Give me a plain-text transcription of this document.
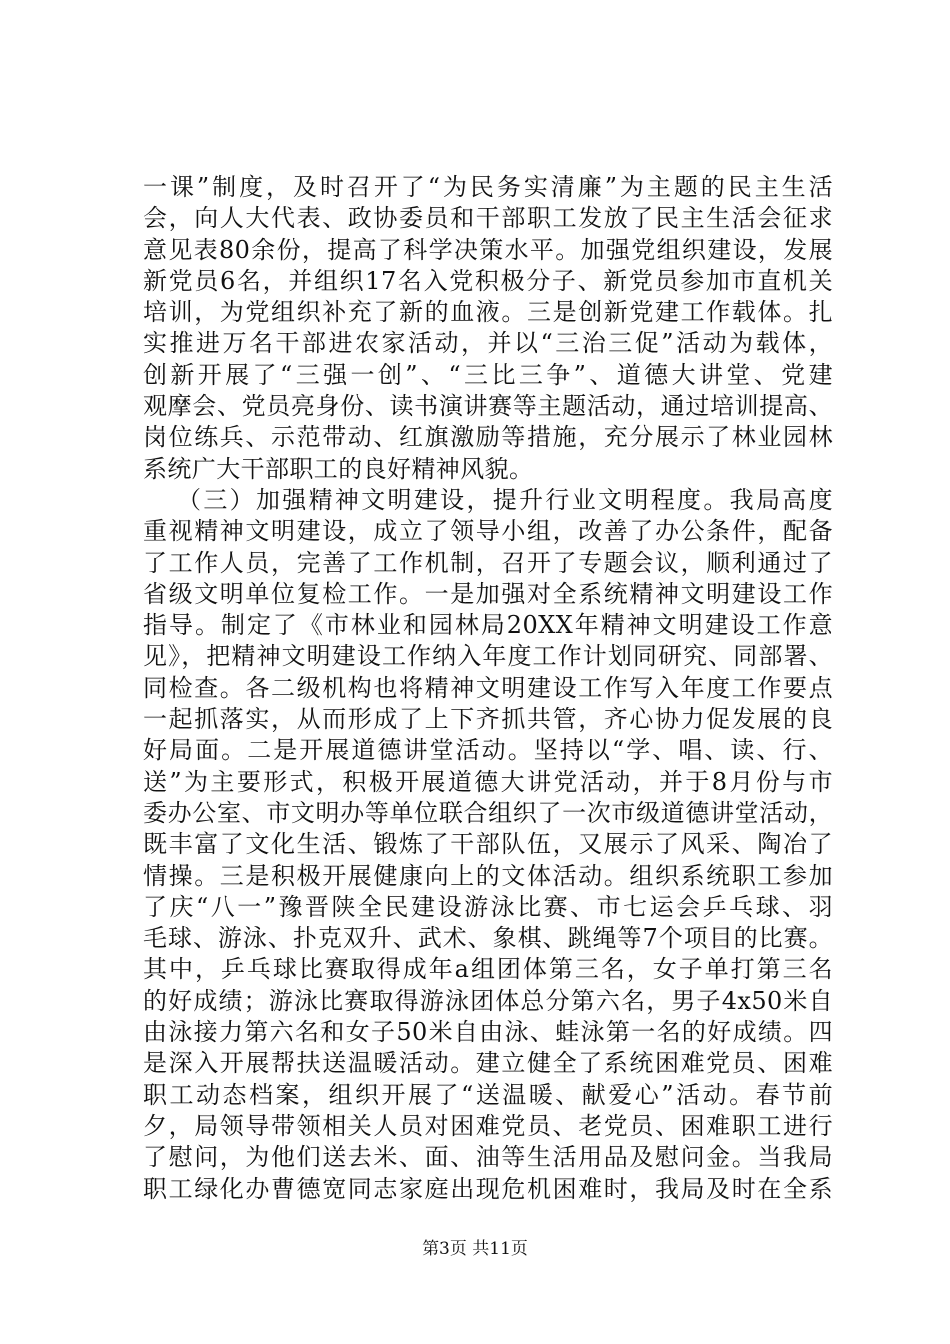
一课”制度，及时召开了“为民务实清廉”为主题的民主生活
会，向人大代表、政协委员和干部职工发放了民主生活会征求
意见表80余份，提高了科学决策水平。加强党组织建设，发展
新党员6名，并组织17名入党积极分子、新党员参加市直机关
培训，为党组织补充了新的血液。三是创新党建工作载体。扎
实推进万名干部进农家活动，并以“三治三促”活动为载体，
创新开展了“三强一创”、“三比三争”、道德大讲堂、党建
观摩会、党员亮身份、读书演讲赛等主题活动，通过培训提高、
岗位练兵、示范带动、红旗激励等措施，充分展示了林业园林
系统广大干部职工的良好精神风貌。
（三）加强精神文明建设，提升行业文明程度。我局高度
重视精神文明建设，成立了领导小组，改善了办公条件，配备
了工作人员，完善了工作机制，召开了专题会议，顺利通过了
省级文明单位复检工作。一是加强对全系统精神文明建设工作
指导。制定了《市林业和园林局20XX年精神文明建设工作意
见》，把精神文明建设工作纳入年度工作计划同研究、同部署、
同检查。各二级机构也将精神文明建设工作写入年度工作要点
一起抓落实，从而形成了上下齐抓共管，齐心协力促发展的良
好局面。二是开展道德讲堂活动。坚持以“学、唱、读、行、
送”为主要形式，积极开展道德大讲党活动，并于8月份与市
委办公室、市文明办等单位联合组织了一次市级道德讲堂活动，
既丰富了文化生活、锻炼了干部队伍，又展示了风采、陶冶了
情操。三是积极开展健康向上的文体活动。组织系统职工参加
了庆“八一”豫晋陕全民建设游泳比赛、市七运会乒乓球、羽
毛球、游泳、扑克双升、武术、象棋、跳绳等7个项目的比赛。
其中，乒乓球比赛取得成年a组团体第三名，女子单打第三名
的好成绩；游泳比赛取得游泳团体总分第六名，男子4x50米自
由泳接力第六名和女子50米自由泳、蛙泳第一名的好成绩。四
是深入开展帮扶送温暖活动。建立健全了系统困难党员、困难
职工动态档案，组织开展了“送温暖、献爱心”活动。春节前
夕，局领导带领相关人员对困难党员、老党员、困难职工进行
了慰问，为他们送去米、面、油等生活用品及慰问金。当我局
职工绿化办曹德宽同志家庭出现危机困难时，我局及时在全系
第3页 共11页
